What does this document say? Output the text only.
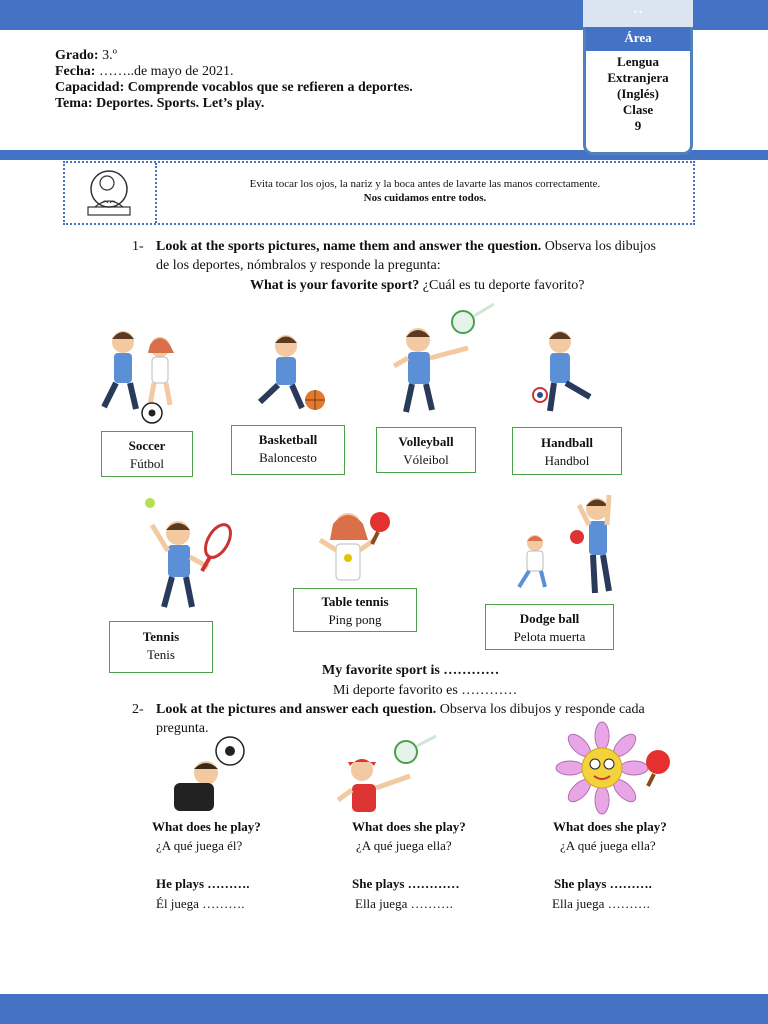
Grado: 3.º
Fecha: ……..de mayo de 2021.
Capacidad: Comprende vocablos que se refieren a deportes.
Tema: Deportes. Sports. Let’s play.
• •
Área
Lengua
Extranjera
(Inglés)
Clase
9
Evita tocar los ojos, la nariz y la boca antes de lavarte las manos correctamente.
Nos cuidamos entre todos.
1- Look at the sports pictures, name them and answer the question. Observa los dibujos
de los deportes, nómbralos y responde la pregunta:
What is your favorite sport? ¿Cuál es tu deporte favorito?
Soccer
Fútbol
Basketball
Baloncesto
Volleyball
Vóleibol
Handball
Handbol
Tennis
Tenis
Table tennis
Ping pong	Dodge ball
Pelota muerta
My favorite sport is …………
Mi deporte favorito es …………
2- Look at the pictures and answer each question. Observa los dibujos y responde cada
pregunta.
What does he play?
¿A qué juega él?
He plays ……….
Él juega ……….
What does she play?
¿A qué juega ella?
She plays …………
Ella juega ……….
What does she play?
¿A qué juega ella?
She plays ……….
Ella juega ……….
